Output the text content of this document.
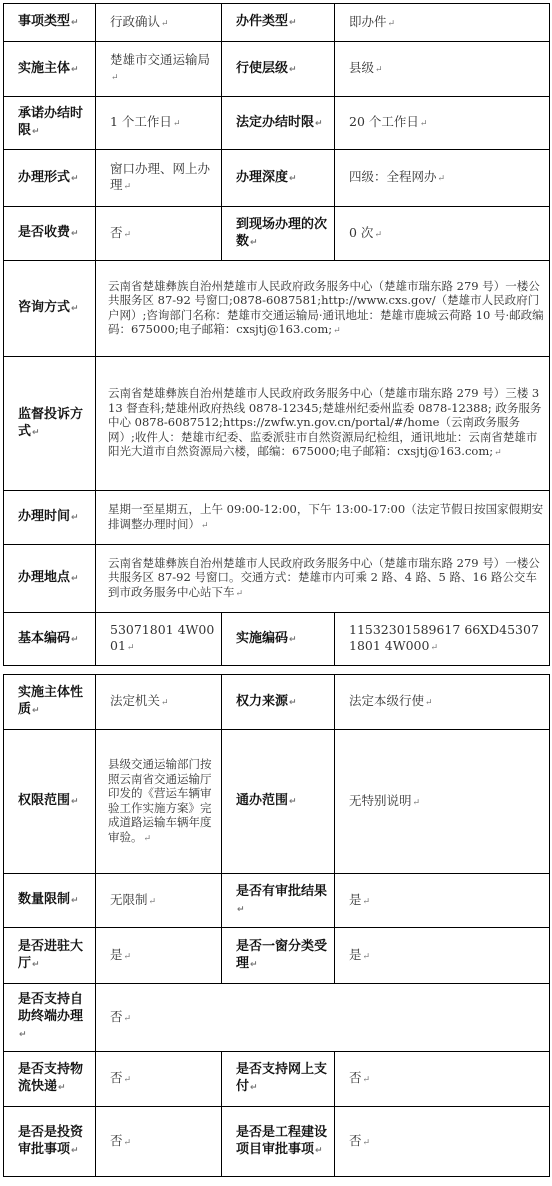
事项类型↵	行政确认↵	办件类型↵	即办件↵
实施主体↵	楚雄市交通运输局↵	行使层级↵	县级↵
承诺办结时限↵	1 个工作日↵	法定办结时限↵	20 个工作日↵
办理形式↵	窗口办理、网上办理↵	办理深度↵	四级：全程网办↵
是否收费↵	否↵	到现场办理的次数↵	0 次↵
咨询方式↵	云南省楚雄彝族自治州楚雄市人民政府政务服务中心（楚雄市瑞东路 279 号）一楼公共服务区 87-92 号窗口;0878-6087581;http://www.cxs.gov/（楚雄市人民政府门户网）;咨询部门名称：楚雄市交通运输局·通讯地址：楚雄市鹿城云荷路 10 号·邮政编码：675000;电子邮箱：cxsjtj@163.com;↵		
监督投诉方式↵	云南省楚雄彝族自治州楚雄市人民政府政务服务中心（楚雄市瑞东路 279 号）三楼 313 督查科;楚雄州政府热线 0878-12345;楚雄州纪委州监委 0878-12388; 政务服务中心 0878-6087512;https://zwfw.yn.gov.cn/portal/#/home（云南政务服务网）;收件人：楚雄市纪委、监委派驻市自然资源局纪检组，通讯地址：云南省楚雄市阳光大道市自然资源局六楼，邮编：675000;电子邮箱：cxsjtj@163.com;↵		
办理时间↵	星期一至星期五，上午 09:00-12:00，下午 13:00-17:00（法定节假日按国家假期安排调整办理时间）↵		
办理地点↵	云南省楚雄彝族自治州楚雄市人民政府政务服务中心（楚雄市瑞东路 279 号）一楼公共服务区 87-92 号窗口。交通方式：楚雄市内可乘 2 路、4 路、5 路、16 路公交车到市政务服务中心站下车↵		
基本编码↵	53071801 4W0001↵	实施编码↵	11532301589617 66XD45307 1801 4W000↵
实施主体性质↵	法定机关↵	权力来源↵	法定本级行使↵
权限范围↵	县级交通运输部门按照云南省交通运输厅印发的《营运车辆审验工作实施方案》完成道路运输车辆年度审验。↵	通办范围↵	无特别说明↵
数量限制↵	无限制↵	是否有审批结果↵	是↵
是否进驻大厅↵	是↵	是否一窗分类受理↵	是↵
是否支持自助终端办理↵	否↵		
是否支持物流快递↵	否↵	是否支持网上支付↵	否↵
是否是投资审批事项↵	否↵	是否是工程建设项目审批事项↵	否↵
